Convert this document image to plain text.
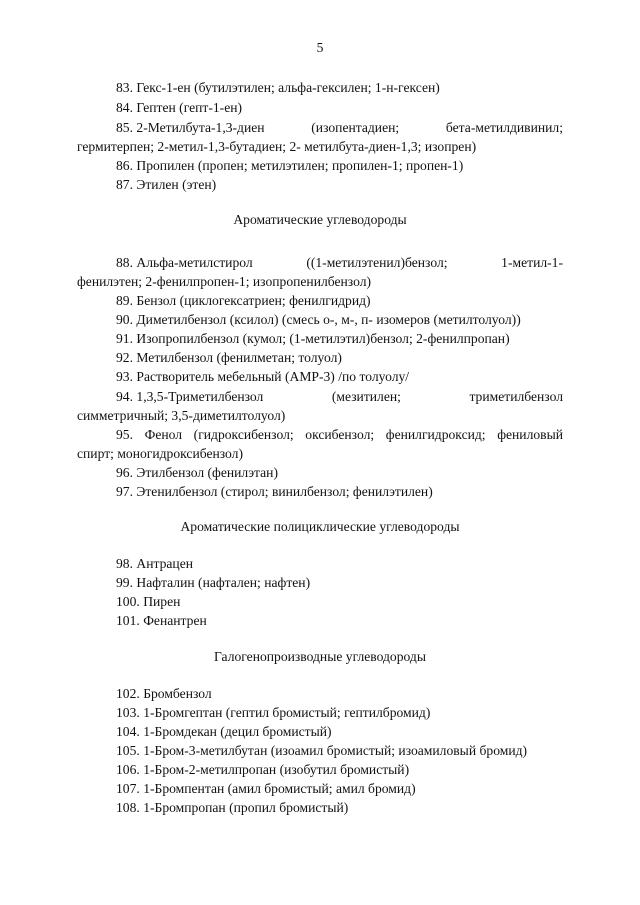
5
83. Гекс-1-ен (бутилэтилен; альфа-гексилен; 1-н-гексен)
84. Гептен (гепт-1-ен)
85. 2-Метилбута-1,3-диен	(изопентадиен;	бета-метилдивинил;
гермитерпен; 2-метил-1,3-бутадиен; 2- метилбута-диен-1,3; изопрен)
86. Пропилен (пропен; метилэтилен; пропилен-1; пропен-1)
87. Этилен (этен)
Ароматические углеводороды
88. Альфа-метилстирол	((1-метилэтенил)бензол;	1-метил-1-
фенилэтен; 2-фенилпропен-1; изопропенилбензол)
89. Бензол (циклогексатриен; фенилгидрид)
90. Диметилбензол (ксилол) (смесь о-, м-, п- изомеров (метилтолуол))
91. Изопропилбензол (кумол; (1-метилэтил)бензол; 2-фенилпропан)
92. Метилбензол (фенилметан; толуол)
93. Растворитель мебельный (АМР-3) /по толуолу/
94. 1,3,5-Триметилбензол	(мезитилен;	триметилбензол
симметричный; 3,5-диметилтолуол)
95. Фенол (гидроксибензол; оксибензол; фенилгидроксид; фениловый
спирт; моногидроксибензол)
96. Этилбензол (фенилэтан)
97. Этенилбензол (стирол; винилбензол; фенилэтилен)
Ароматические полициклические углеводороды
98. Антрацен
99. Нафталин (нафтален; нафтен)
100. Пирен
101. Фенантрен
Галогенопроизводные углеводороды
102. Бромбензол
103. 1-Бромгептан (гептил бромистый; гептилбромид)
104. 1-Бромдекан (децил бромистый)
105. 1-Бром-3-метилбутан (изоамил бромистый; изоамиловый бромид)
106. 1-Бром-2-метилпропан (изобутил бромистый)
107. 1-Бромпентан (амил бромистый; амил бромид)
108. 1-Бромпропан (пропил бромистый)
